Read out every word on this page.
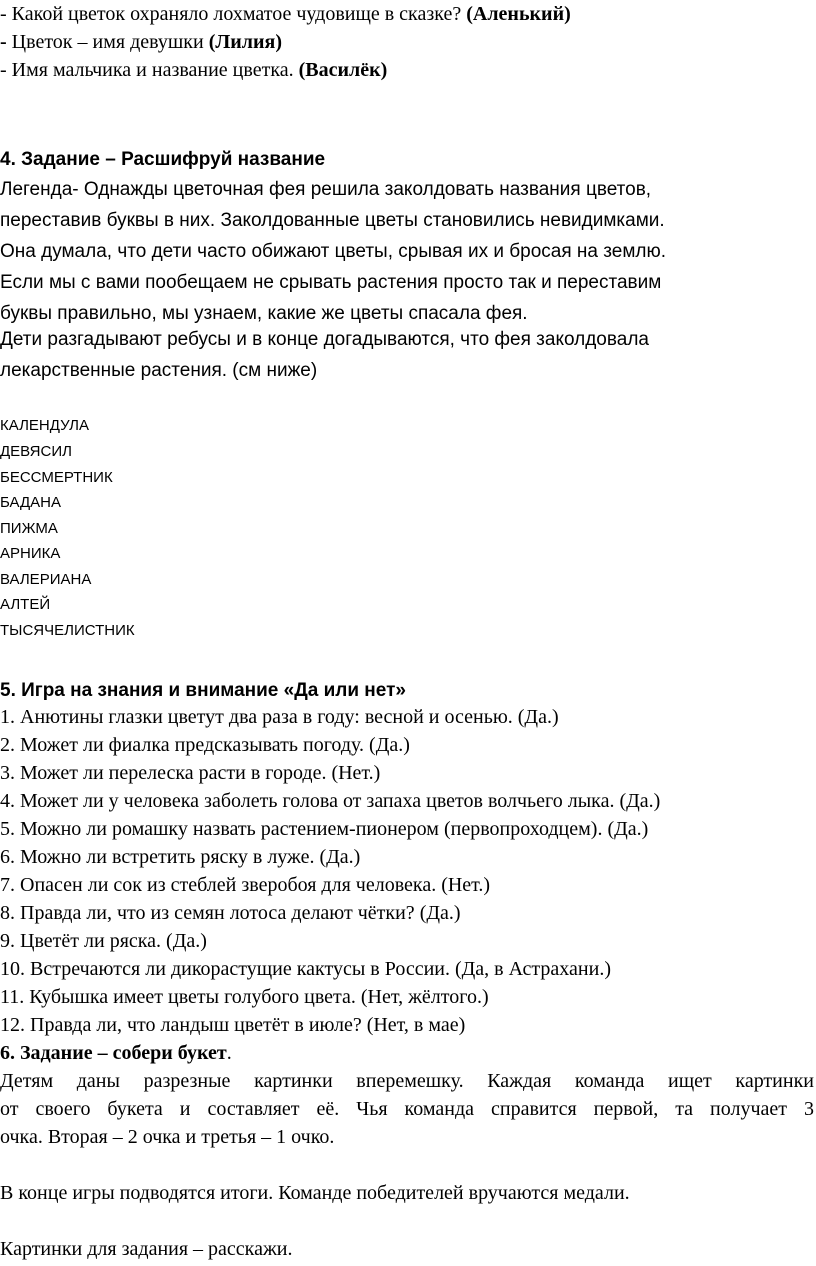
- Какой цветок охраняло лохматое чудовище в сказке? (Аленький)
- Цветок – имя девушки (Лилия)
- Имя мальчика и название цветка. (Василёк)
4. Задание – Расшифруй название
Легенда- Однажды цветочная фея решила заколдовать названия цветов,
переставив буквы в них. Заколдованные цветы становились невидимками.
Она думала, что дети часто обижают цветы, срывая их и бросая на землю.
Если мы с вами пообещаем не срывать растения просто так и переставим
буквы правильно, мы узнаем, какие же цветы спасала фея.
Дети разгадывают ребусы и в конце догадываются, что фея заколдовала
лекарственные растения. (см ниже)
КАЛЕНДУЛА
ДЕВЯСИЛ
БЕССМЕРТНИК
БАДАНА
ПИЖМА
АРНИКА
ВАЛЕРИАНА
АЛТЕЙ
ТЫСЯЧЕЛИСТНИК
5. Игра на знания и внимание «Да или нет»
1. Анютины глазки цветут два раза в году: весной и осенью. (Да.)
2. Может ли фиалка предсказывать погоду. (Да.)
3. Может ли перелеска расти в городе. (Нет.)
4. Может ли у человека заболеть голова от запаха цветов волчьего лыка. (Да.)
5. Можно ли ромашку назвать растением-пионером (первопроходцем). (Да.)
6. Можно ли встретить ряску в луже. (Да.)
7. Опасен ли сок из стеблей зверобоя для человека. (Нет.)
8. Правда ли, что из семян лотоса делают чётки? (Да.)
9. Цветёт ли ряска. (Да.)
10. Встречаются ли дикорастущие кактусы в России. (Да, в Астрахани.)
11. Кубышка имеет цветы голубого цвета. (Нет, жёлтого.)
12. Правда ли, что ландыш цветёт в июле? (Нет, в мае)
6. Задание – собери букет.
Детям даны разрезные картинки вперемешку. Каждая команда ищет картинки
от своего букета и составляет её. Чья команда справится первой, та получает 3
очка. Вторая – 2 очка и третья – 1 очко.
В конце игры подводятся итоги. Команде победителей вручаются медали.
Картинки для задания – расскажи.
